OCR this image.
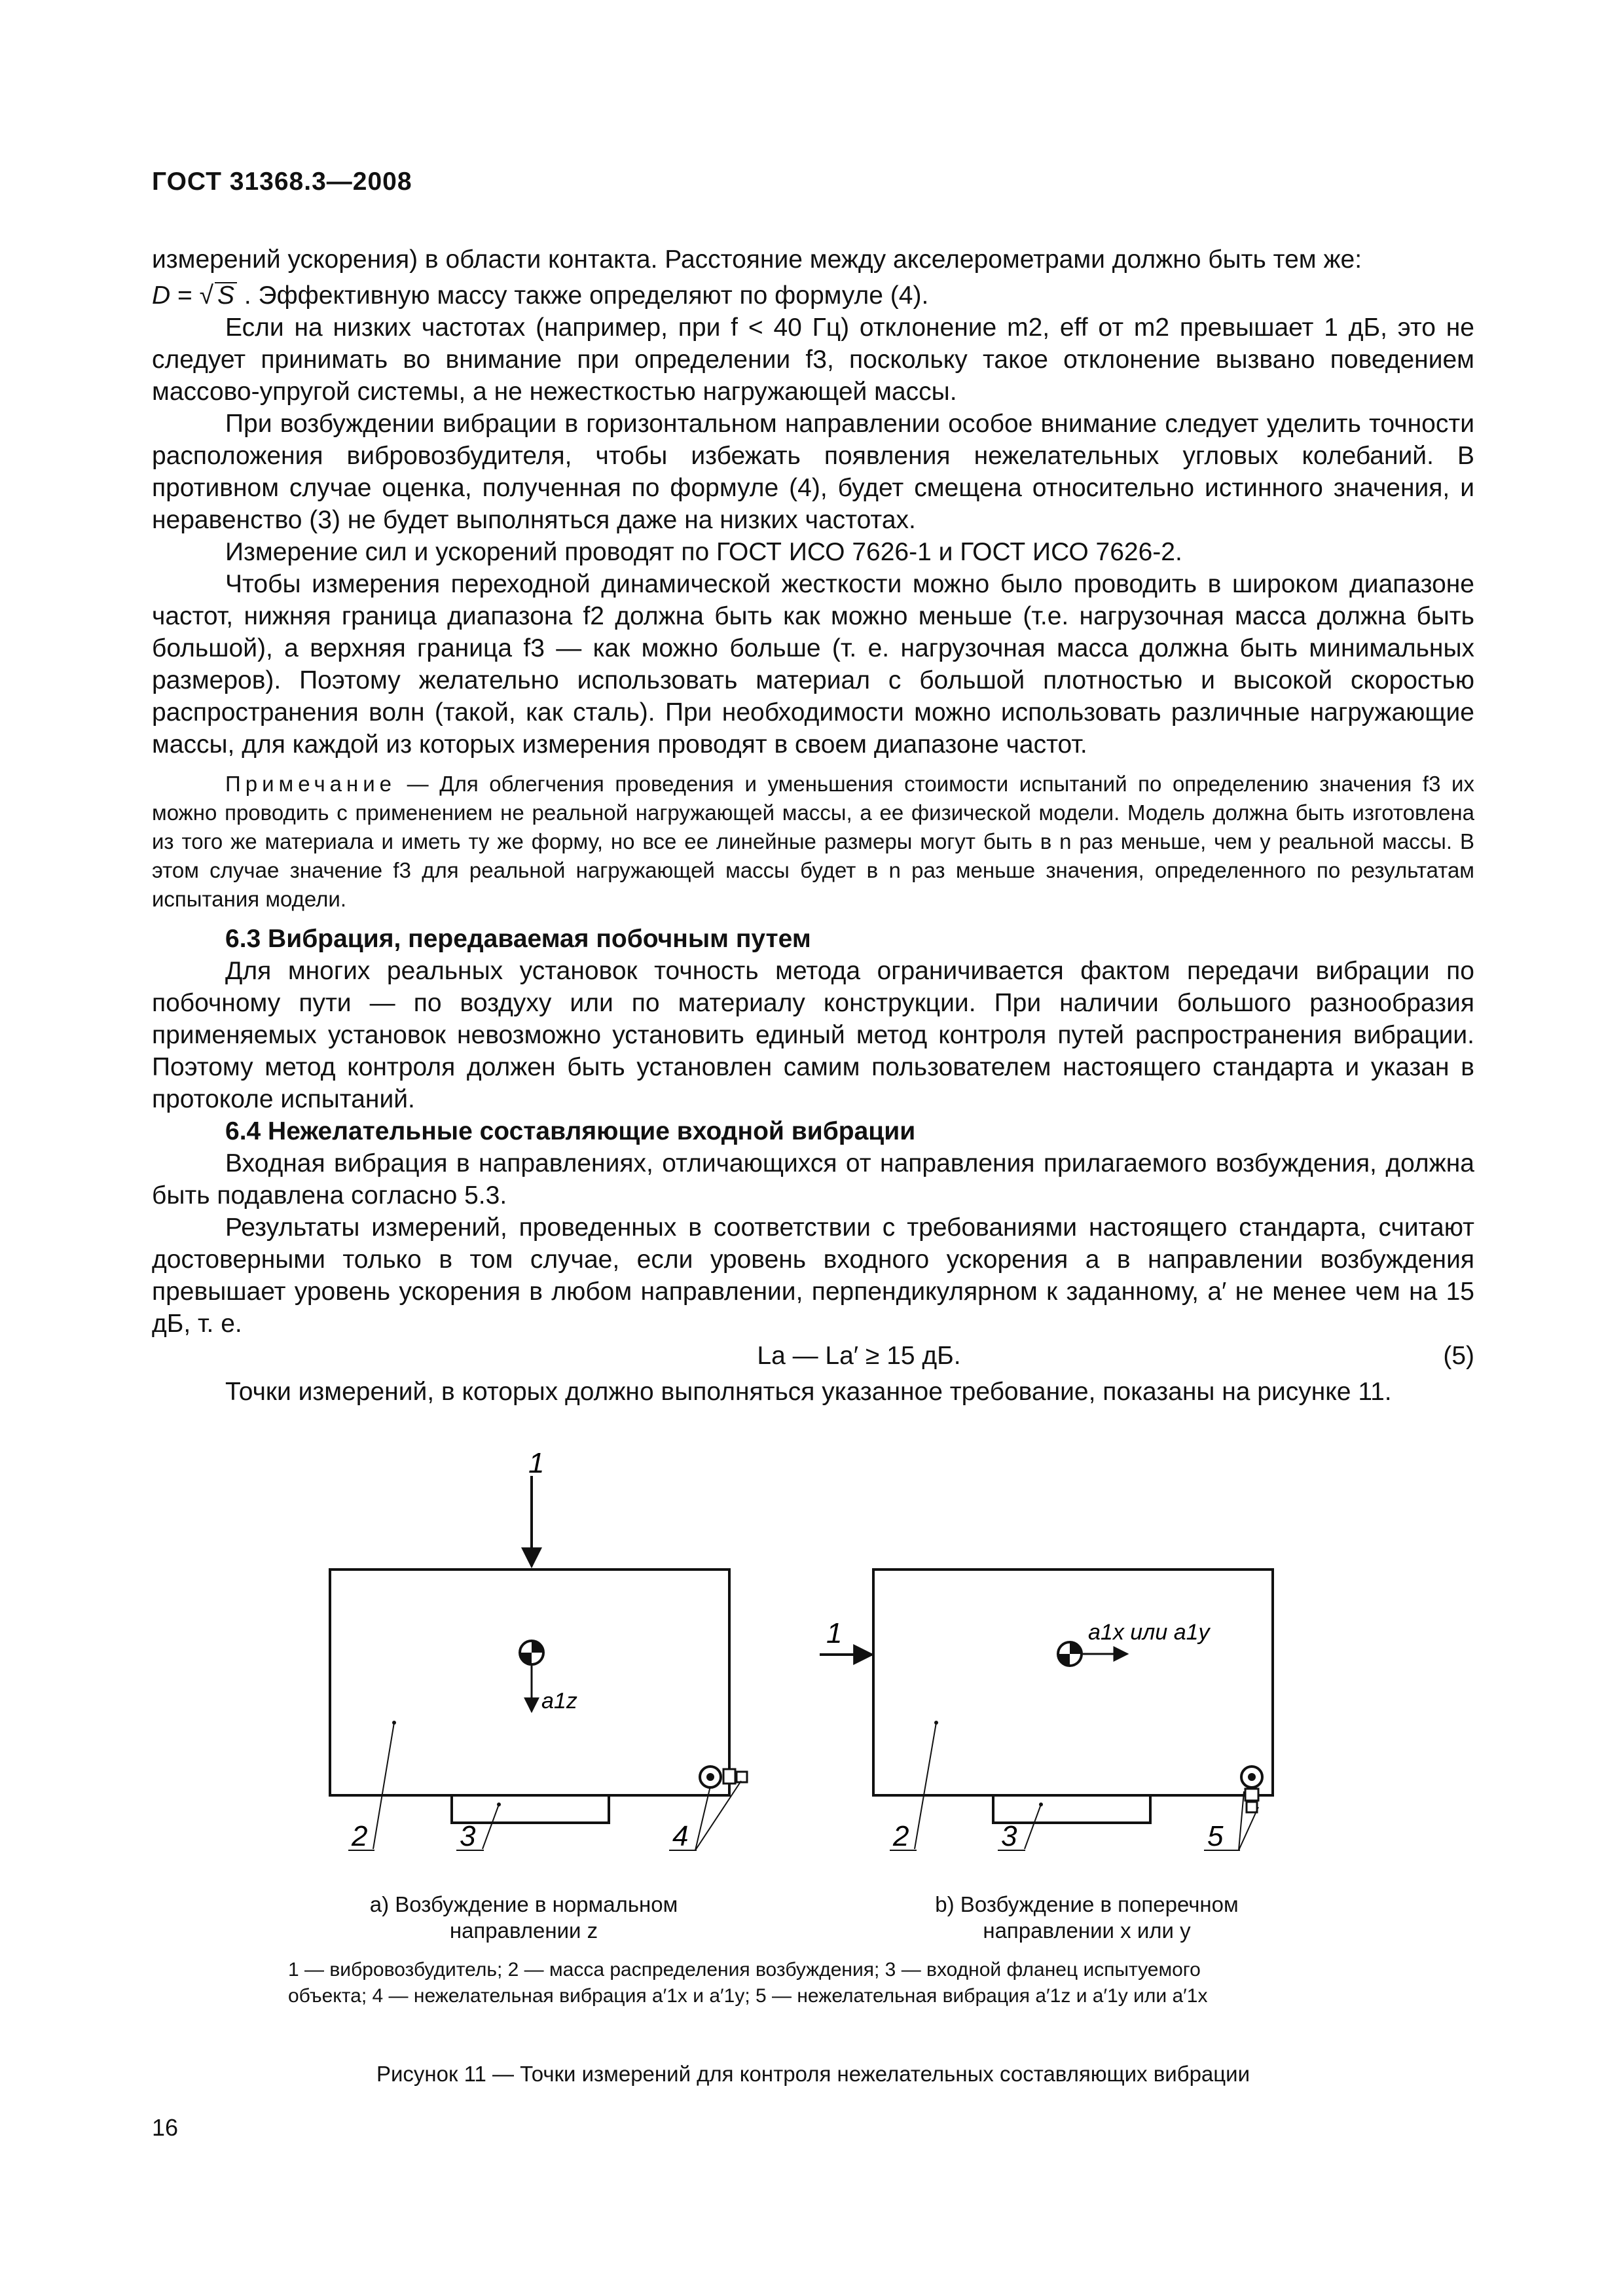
ГОСТ 31368.3—2008

измерений ускорения) в области контакта. Расстояние между акселерометрами должно быть тем же:

D = √ S . Эффективную массу также определяют по формуле (4).

Если на низких частотах (например, при f < 40 Гц) отклонение m2, eff от m2 превышает 1 дБ, это не следует принимать во внимание при определении f3, поскольку такое отклонение вызвано поведением массово-упругой системы, а не нежесткостью нагружающей массы.

При возбуждении вибрации в горизонтальном направлении особое внимание следует уделить точности расположения вибровозбудителя, чтобы избежать появления нежелательных угловых колебаний. В противном случае оценка, полученная по формуле (4), будет смещена относительно истинного значения, и неравенство (3) не будет выполняться даже на низких частотах.

Измерение сил и ускорений проводят по ГОСТ ИСО 7626-1 и ГОСТ ИСО 7626-2.

Чтобы измерения переходной динамической жесткости можно было проводить в широком диапазоне частот, нижняя граница диапазона f2 должна быть как можно меньше (т.е. нагрузочная масса должна быть большой), а верхняя граница f3 — как можно больше (т. е. нагрузочная масса должна быть минимальных размеров). Поэтому желательно использовать материал с большой плотностью и высокой скоростью распространения волн (такой, как сталь). При необходимости можно использовать различные нагружающие массы, для каждой из которых измерения проводят в своем диапазоне частот.

Примечание — Для облегчения проведения и уменьшения стоимости испытаний по определению значения f3 их можно проводить с применением не реальной нагружающей массы, а ее физической модели. Модель должна быть изготовлена из того же материала и иметь ту же форму, но все ее линейные размеры могут быть в n раз меньше, чем у реальной массы. В этом случае значение f3 для реальной нагружающей массы будет в n раз меньше значения, определенного по результатам испытания модели.

6.3 Вибрация, передаваемая побочным путем

Для многих реальных установок точность метода ограничивается фактом передачи вибрации по побочному пути — по воздуху или по материалу конструкции. При наличии большого разнообразия применяемых установок невозможно установить единый метод контроля путей распространения вибрации. Поэтому метод контроля должен быть установлен самим пользователем настоящего стандарта и указан в протоколе испытаний.

6.4 Нежелательные составляющие входной вибрации

Входная вибрация в направлениях, отличающихся от направления прилагаемого возбуждения, должна быть подавлена согласно 5.3.

Результаты измерений, проведенных в соответствии с требованиями настоящего стандарта, считают достоверными только в том случае, если уровень входного ускорения a в направлении возбуждения превышает уровень ускорения в любом направлении, перпендикулярном к заданному, a′ не менее чем на 15 дБ, т. е.

La — La′ ≥ 15 дБ.	(5)

Точки измерений, в которых должно выполняться указанное требование, показаны на рисунке 11.

1
a1z
2	3	4
1	a1x или a1y
2	3	5
а) Возбуждение в нормальном
направлении z
b) Возбуждение в поперечном
направлении x или y
1 — вибровозбудитель; 2 — масса распределения возбуждения; 3 — входной фланец испытуемого
объекта; 4 — нежелательная вибрация a′1x и a′1y; 5 — нежелательная вибрация a′1z и a′1y или a′1x
Рисунок 11 — Точки измерений для контроля нежелательных составляющих вибрации
16
